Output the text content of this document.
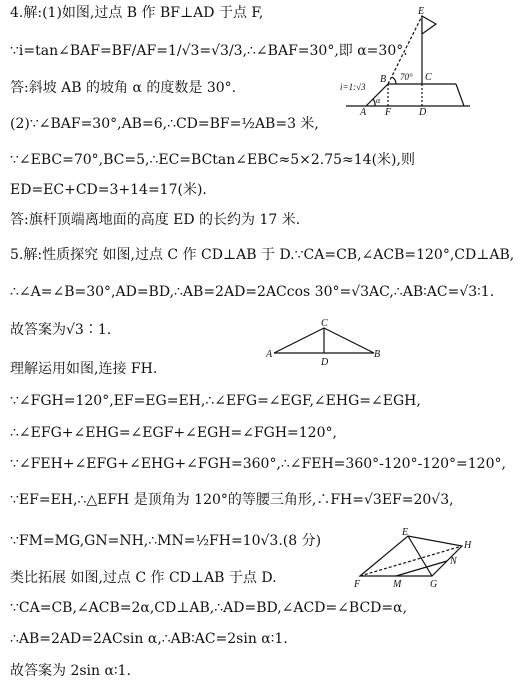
4.解:(1)如图,过点 B 作 BF⊥AD 于点 F,
∵i=tan∠BAF=BF/AF=1/√3=√3/3,∴∠BAF=30°,即 α=30°.
答:斜坡 AB 的坡角 α 的度数是 30°.
(2)∵∠BAF=30°,AB=6,∴CD=BF=½AB=3 米,
∵∠EBC=70°,BC=5,∴EC=BCtan∠EBC≈5×2.75≈14(米),则
ED=EC+CD=3+14=17(米).
答:旗杆顶端离地面的高度 ED 的长约为 17 米.
5.解:性质探究 如图,过点 C 作 CD⊥AB 于 D.∵CA=CB,∠ACB=120°,CD⊥AB,
∴∠A=∠B=30°,AD=BD,∴AB=2AD=2ACcos 30°=√3AC,∴AB∶AC=√3∶1.
故答案为√3∶1.
理解运用如图,连接 FH.
∵∠FGH=120°,EF=EG=EH,∴∠EFG=∠EGF,∠EHG=∠EGH,
∴∠EFG+∠EHG=∠EGF+∠EGH=∠FGH=120°,
∵∠FEH+∠EFG+∠EHG+∠FGH=360°,∴∠FEH=360°-120°-120°=120°,
∵EF=EH,∴△EFH 是顶角为 120°的等腰三角形,∴FH=√3EF=20√3,
∵FM=MG,GN=NH,∴MN=½FH=10√3.(8 分)
类比拓展 如图,过点 C 作 CD⊥AB 于点 D.
∵CA=CB,∠ACB=2α,CD⊥AB,∴AD=BD,∠ACD=∠BCD=α,
∴AB=2AD=2ACsin α,∴AB∶AC=2sin α∶1.
故答案为 2sin α∶1.
E
B	C
A F	D
α
70°
i=1:√3
C
A
D
B
E
H
N
F	M	G
